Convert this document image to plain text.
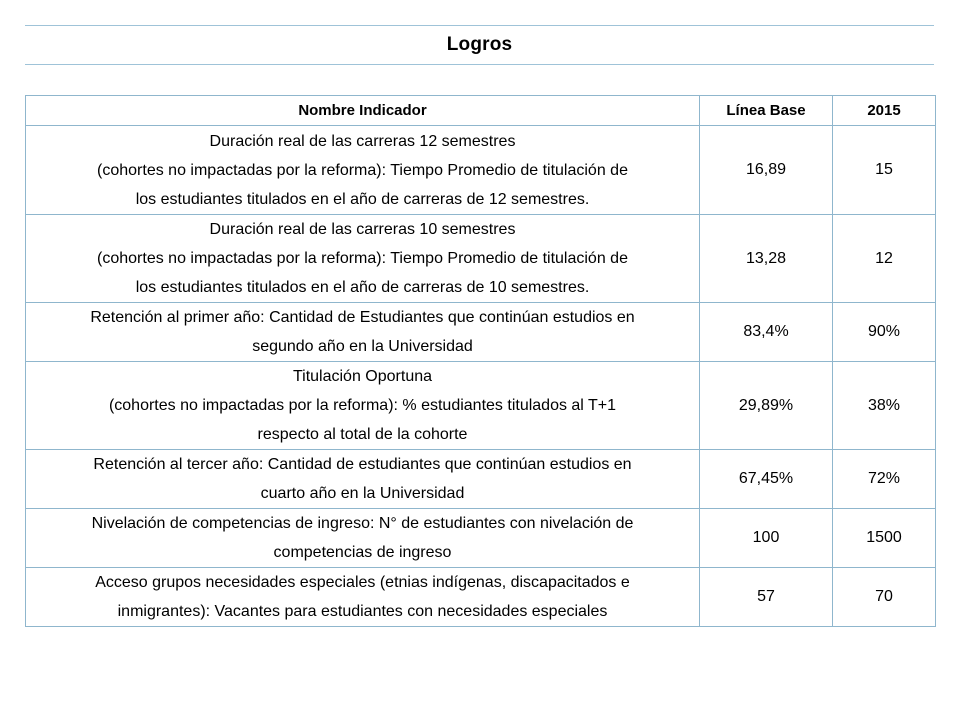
Logros
Nombre Indicador	Línea Base	2015

Duración real de las carreras 12 semestres
(cohortes no impactadas por la reforma): Tiempo Promedio de titulación de
los estudiantes titulados en el año de carreras de 12 semestres.	16,89	15

Duración real de las carreras 10 semestres
(cohortes no impactadas por la reforma): Tiempo Promedio de titulación de
los estudiantes titulados en el año de carreras de 10 semestres.	13,28	12

Retención al primer año: Cantidad de Estudiantes que continúan estudios en
segundo año en la Universidad	83,4%	90%

Titulación Oportuna
(cohortes no impactadas por la reforma): % estudiantes titulados al T+1
respecto al total de la cohorte	29,89%	38%

Retención al tercer año: Cantidad de estudiantes que continúan estudios en
cuarto año en la Universidad	67,45%	72%

Nivelación de competencias de ingreso: N° de estudiantes con nivelación de
competencias de ingreso	100	1500

Acceso grupos necesidades especiales (etnias indígenas, discapacitados e
inmigrantes): Vacantes para estudiantes con necesidades especiales	57	70
